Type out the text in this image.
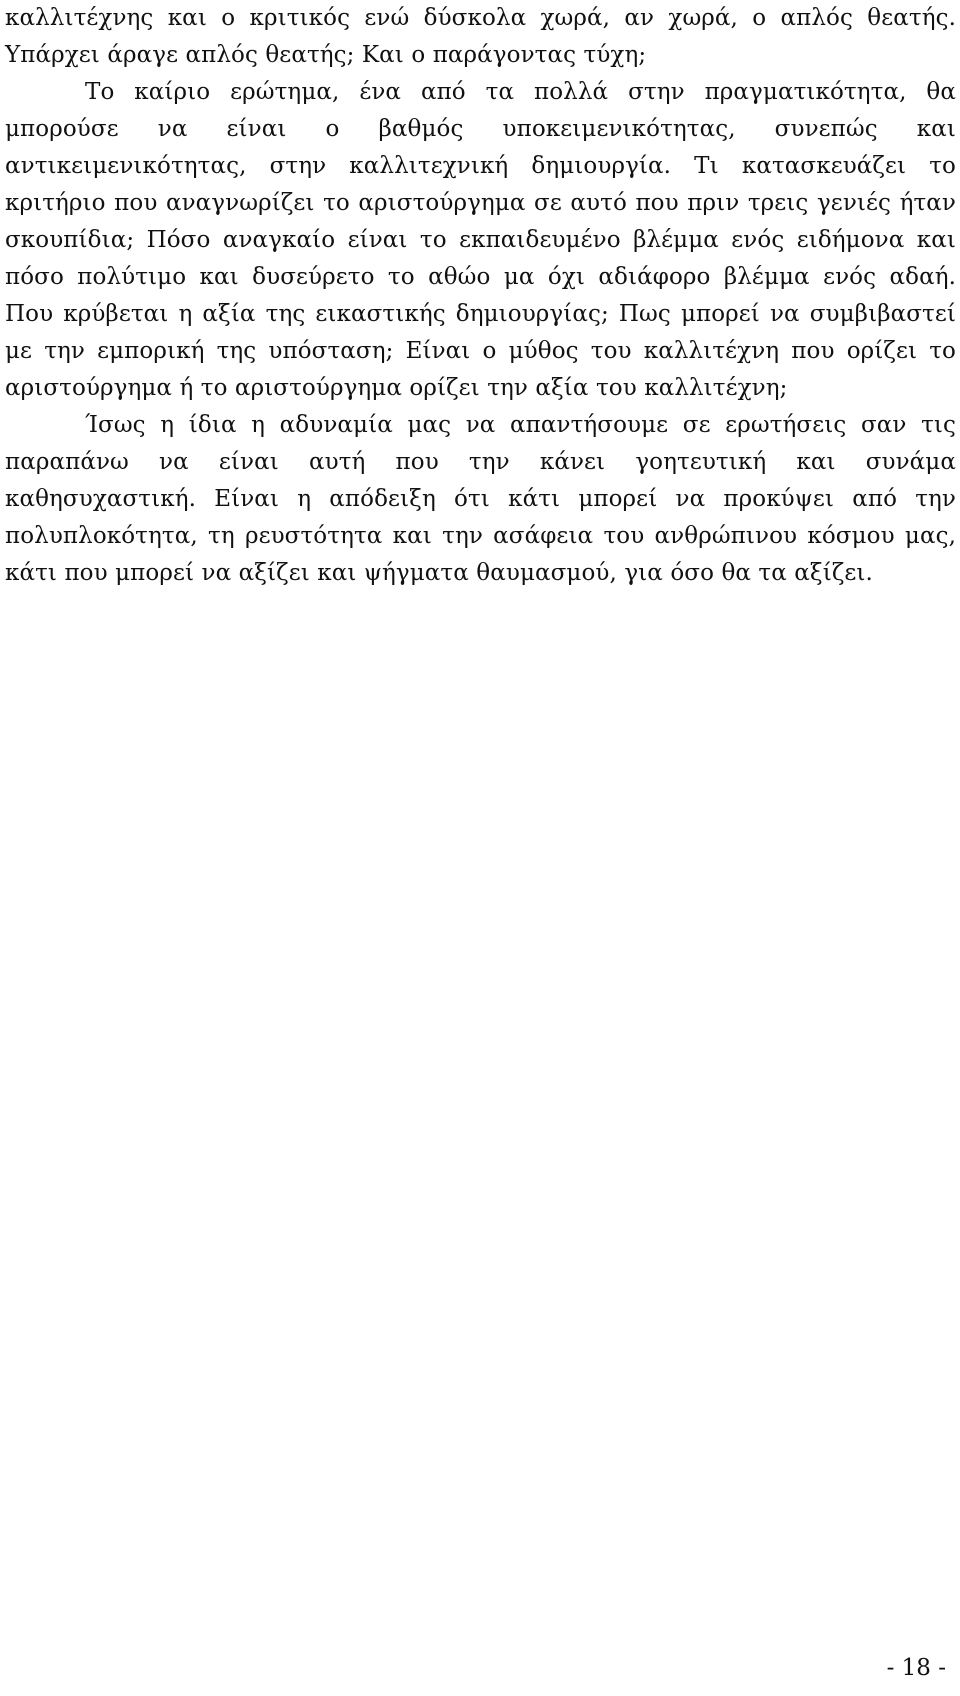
καλλιτέχνης και ο κριτικός ενώ δύσκολα χωρά, αν χωρά, ο απλός θεατής.
Υπάρχει άραγε απλός θεατής; Και ο παράγοντας τύχη;
Το καίριο ερώτημα, ένα από τα πολλά στην πραγματικότητα, θα
μπορούσε να είναι ο βαθμός υποκειμενικότητας, συνεπώς και
αντικειμενικότητας, στην καλλιτεχνική δημιουργία. Τι κατασκευάζει το
κριτήριο που αναγνωρίζει το αριστούργημα σε αυτό που πριν τρεις γενιές ήταν
σκουπίδια; Πόσο αναγκαίο είναι το εκπαιδευμένο βλέμμα ενός ειδήμονα και
πόσο πολύτιμο και δυσεύρετο το αθώο μα όχι αδιάφορο βλέμμα ενός αδαή.
Που κρύβεται η αξία της εικαστικής δημιουργίας; Πως μπορεί να συμβιβαστεί
με την εμπορική της υπόσταση; Είναι ο μύθος του καλλιτέχνη που ορίζει το
αριστούργημα ή το αριστούργημα ορίζει την αξία του καλλιτέχνη;
Ίσως η ίδια η αδυναμία μας να απαντήσουμε σε ερωτήσεις σαν τις
παραπάνω να είναι αυτή που την κάνει γοητευτική και συνάμα
καθησυχαστική. Είναι η απόδειξη ότι κάτι μπορεί να προκύψει από την
πολυπλοκότητα, τη ρευστότητα και την ασάφεια του ανθρώπινου κόσμου μας,
κάτι που μπορεί να αξίζει και ψήγματα θαυμασμού, για όσο θα τα αξίζει.
- 18 -
